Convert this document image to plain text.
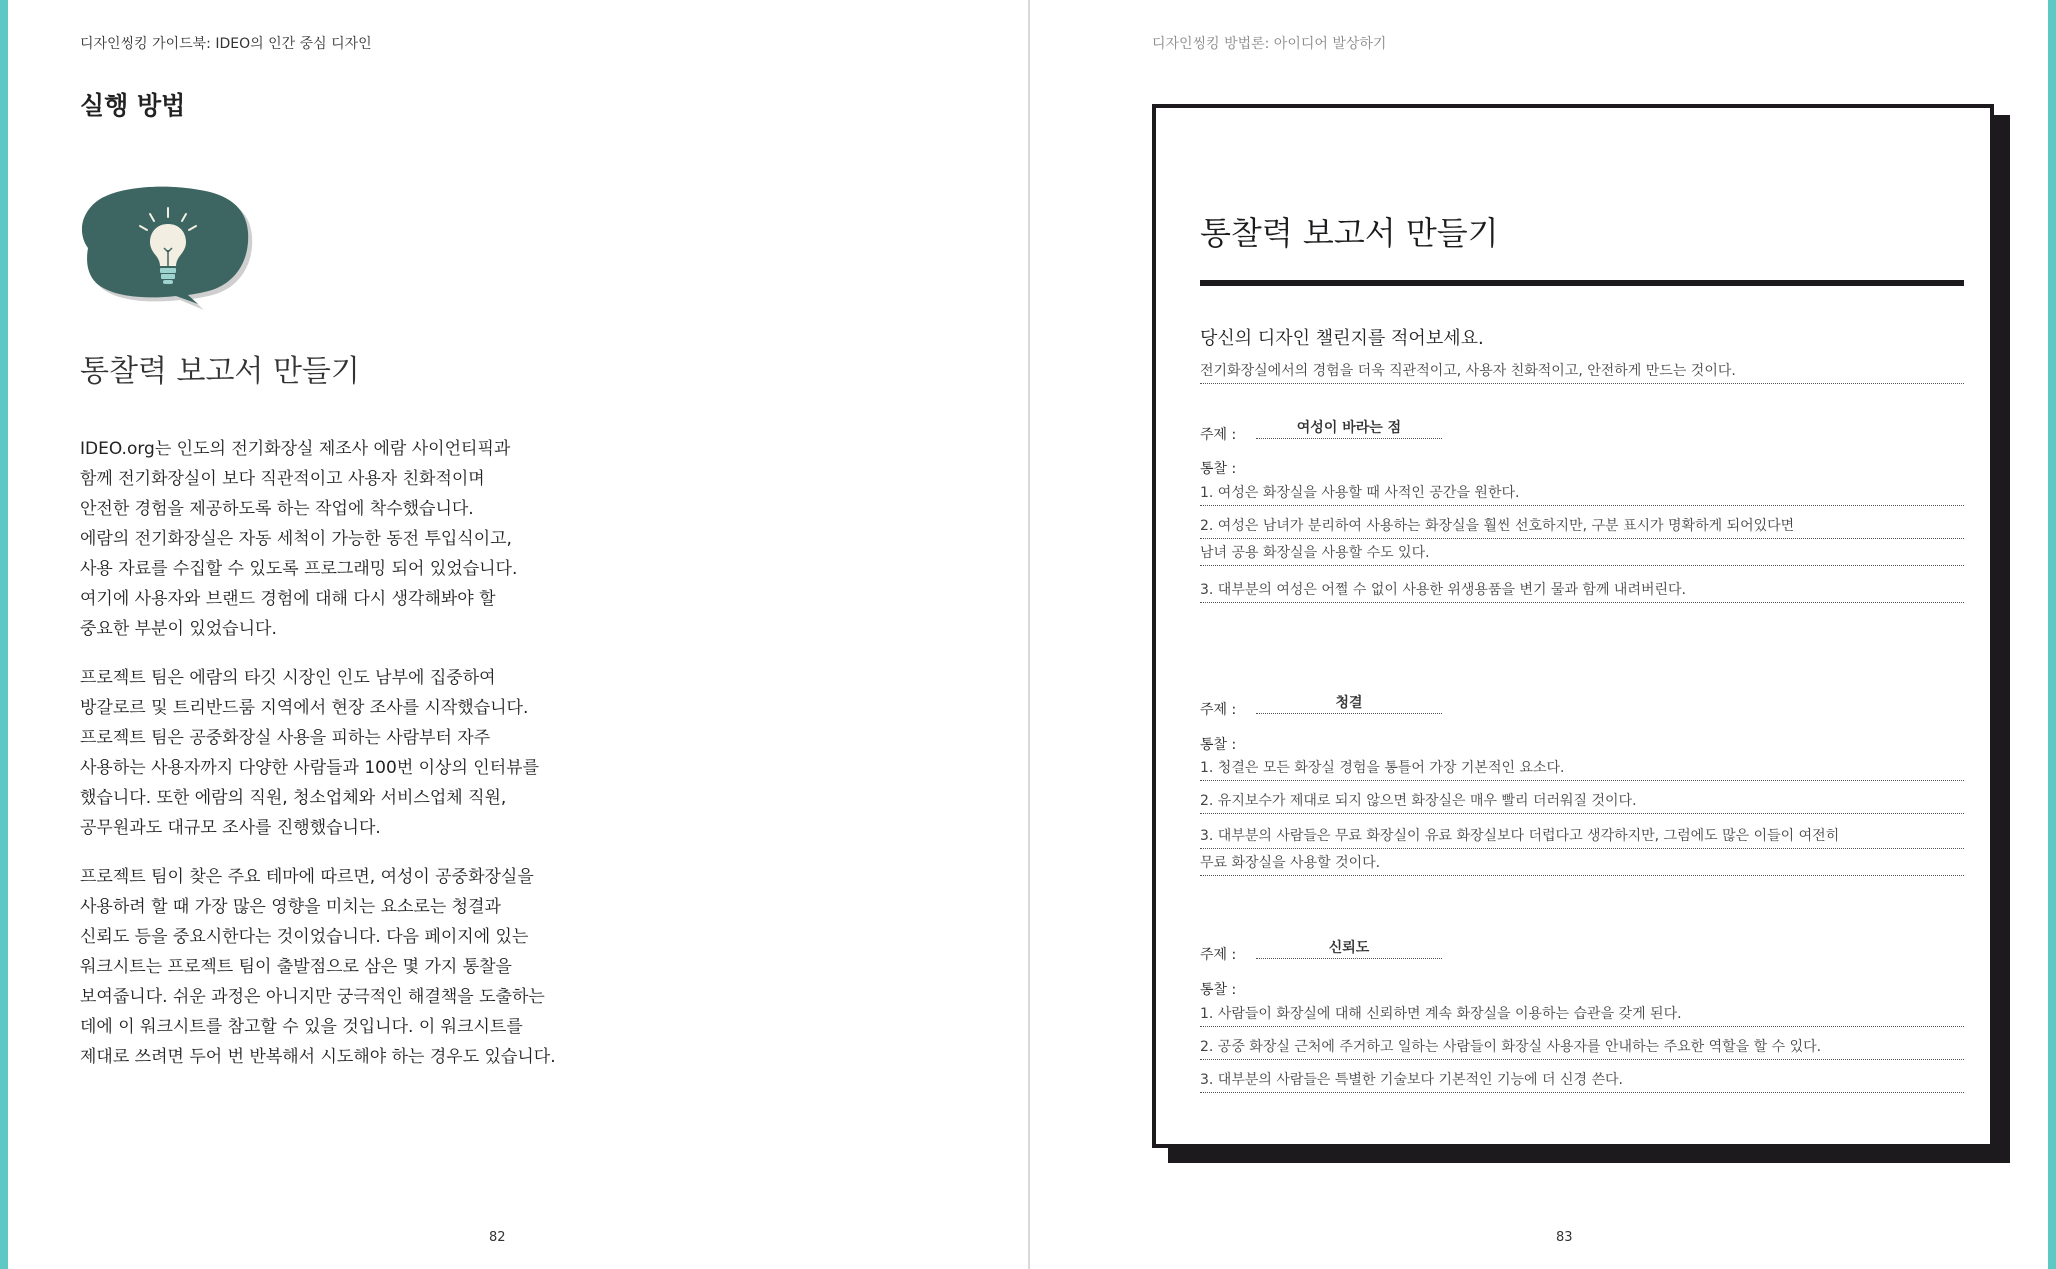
디자인씽킹 가이드북: IDEO의 인간 중심 디자인
실행 방법
통찰력 보고서 만들기

IDEO.org는 인도의 전기화장실 제조사 에람 사이언티픽과
함께 전기화장실이 보다 직관적이고 사용자 친화적이며
안전한 경험을 제공하도록 하는 작업에 착수했습니다.
에람의 전기화장실은 자동 세척이 가능한 동전 투입식이고,
사용 자료를 수집할 수 있도록 프로그래밍 되어 있었습니다.
여기에 사용자와 브랜드 경험에 대해 다시 생각해봐야 할
중요한 부분이 있었습니다.

프로젝트 팀은 에람의 타깃 시장인 인도 남부에 집중하여
방갈로르 및 트리반드룸 지역에서 현장 조사를 시작했습니다.
프로젝트 팀은 공중화장실 사용을 피하는 사람부터 자주
사용하는 사용자까지 다양한 사람들과 100번 이상의 인터뷰를
했습니다. 또한 에람의 직원, 청소업체와 서비스업체 직원,
공무원과도 대규모 조사를 진행했습니다.

프로젝트 팀이 찾은 주요 테마에 따르면, 여성이 공중화장실을
사용하려 할 때 가장 많은 영향을 미치는 요소로는 청결과
신뢰도 등을 중요시한다는 것이었습니다. 다음 페이지에 있는
워크시트는 프로젝트 팀이 출발점으로 삼은 몇 가지 통찰을
보여줍니다. 쉬운 과정은 아니지만 궁극적인 해결책을 도출하는
데에 이 워크시트를 참고할 수 있을 것입니다. 이 워크시트를
제대로 쓰려면 두어 번 반복해서 시도해야 하는 경우도 있습니다.

82
디자인씽킹 방법론: 아이디어 발상하기
통찰력 보고서 만들기
당신의 디자인 챌린지를 적어보세요.
전기화장실에서의 경험을 더욱 직관적이고, 사용자 친화적이고, 안전하게 만드는 것이다.
주제 :	여성이 바라는 점
통찰 :
1. 여성은 화장실을 사용할 때 사적인 공간을 원한다.
2. 여성은 남녀가 분리하여 사용하는 화장실을 훨씬 선호하지만, 구분 표시가 명확하게 되어있다면
남녀 공용 화장실을 사용할 수도 있다.
3. 대부분의 여성은 어쩔 수 없이 사용한 위생용품을 변기 물과 함께 내려버린다.
주제 :	청결
통찰 :
1. 청결은 모든 화장실 경험을 통틀어 가장 기본적인 요소다.
2. 유지보수가 제대로 되지 않으면 화장실은 매우 빨리 더러워질 것이다.
3. 대부분의 사람들은 무료 화장실이 유료 화장실보다 더럽다고 생각하지만, 그럼에도 많은 이들이 여전히
무료 화장실을 사용할 것이다.
주제 :	신뢰도
통찰 :
1. 사람들이 화장실에 대해 신뢰하면 계속 화장실을 이용하는 습관을 갖게 된다.
2. 공중 화장실 근처에 주거하고 일하는 사람들이 화장실 사용자를 안내하는 주요한 역할을 할 수 있다.
3. 대부분의 사람들은 특별한 기술보다 기본적인 기능에 더 신경 쓴다.
83
